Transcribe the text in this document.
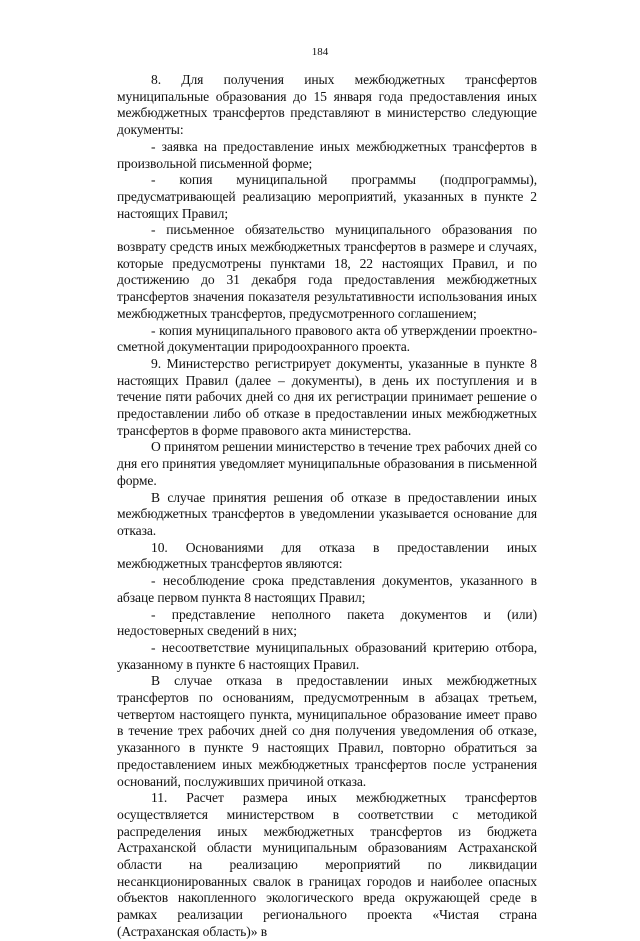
184

8. Для получения иных межбюджетных трансфертов муниципальные образования до 15 января года предоставления иных межбюджетных трансфертов представляют в министерство следующие документы:

- заявка на предоставление иных межбюджетных трансфертов в произвольной письменной форме;

- копия муниципальной программы (подпрограммы), предусматривающей реализацию мероприятий, указанных в пункте 2 настоящих Правил;

- письменное обязательство муниципального образования по возврату средств иных межбюджетных трансфертов в размере и случаях, которые предусмотрены пунктами 18, 22 настоящих Правил, и по достижению до 31 декабря года предоставления межбюджетных трансфертов значения показателя результативности использования иных межбюджетных трансфертов, предусмотренного соглашением;

- копия муниципального правового акта об утверждении проектно-сметной документации природоохранного проекта.

9. Министерство регистрирует документы, указанные в пункте 8 настоящих Правил (далее – документы), в день их поступления и в течение пяти рабочих дней со дня их регистрации принимает решение о предоставлении либо об отказе в предоставлении иных межбюджетных трансфертов в форме правового акта министерства.

О принятом решении министерство в течение трех рабочих дней со дня его принятия уведомляет муниципальные образования в письменной форме.

В случае принятия решения об отказе в предоставлении иных межбюджетных трансфертов в уведомлении указывается основание для отказа.

10. Основаниями для отказа в предоставлении иных межбюджетных трансфертов являются:

- несоблюдение срока представления документов, указанного в абзаце первом пункта 8 настоящих Правил;

- представление неполного пакета документов и (или) недостоверных сведений в них;

- несоответствие муниципальных образований критерию отбора, указанному в пункте 6 настоящих Правил.

В случае отказа в предоставлении иных межбюджетных трансфертов по основаниям, предусмотренным в абзацах третьем, четвертом настоящего пункта, муниципальное образование имеет право в течение трех рабочих дней со дня получения уведомления об отказе, указанного в пункте 9 настоящих Правил, повторно обратиться за предоставлением иных межбюджетных трансфертов после устранения оснований, послуживших причиной отказа.

11. Расчет размера иных межбюджетных трансфертов осуществляется министерством в соответствии с методикой распределения иных межбюджетных трансфертов из бюджета Астраханской области муниципальным образованиям Астраханской области на реализацию мероприятий по ликвидации несанкционированных свалок в границах городов и наиболее опасных объектов накопленного экологического вреда окружающей среде в рамках реализации регионального проекта «Чистая страна (Астраханская область)» в
